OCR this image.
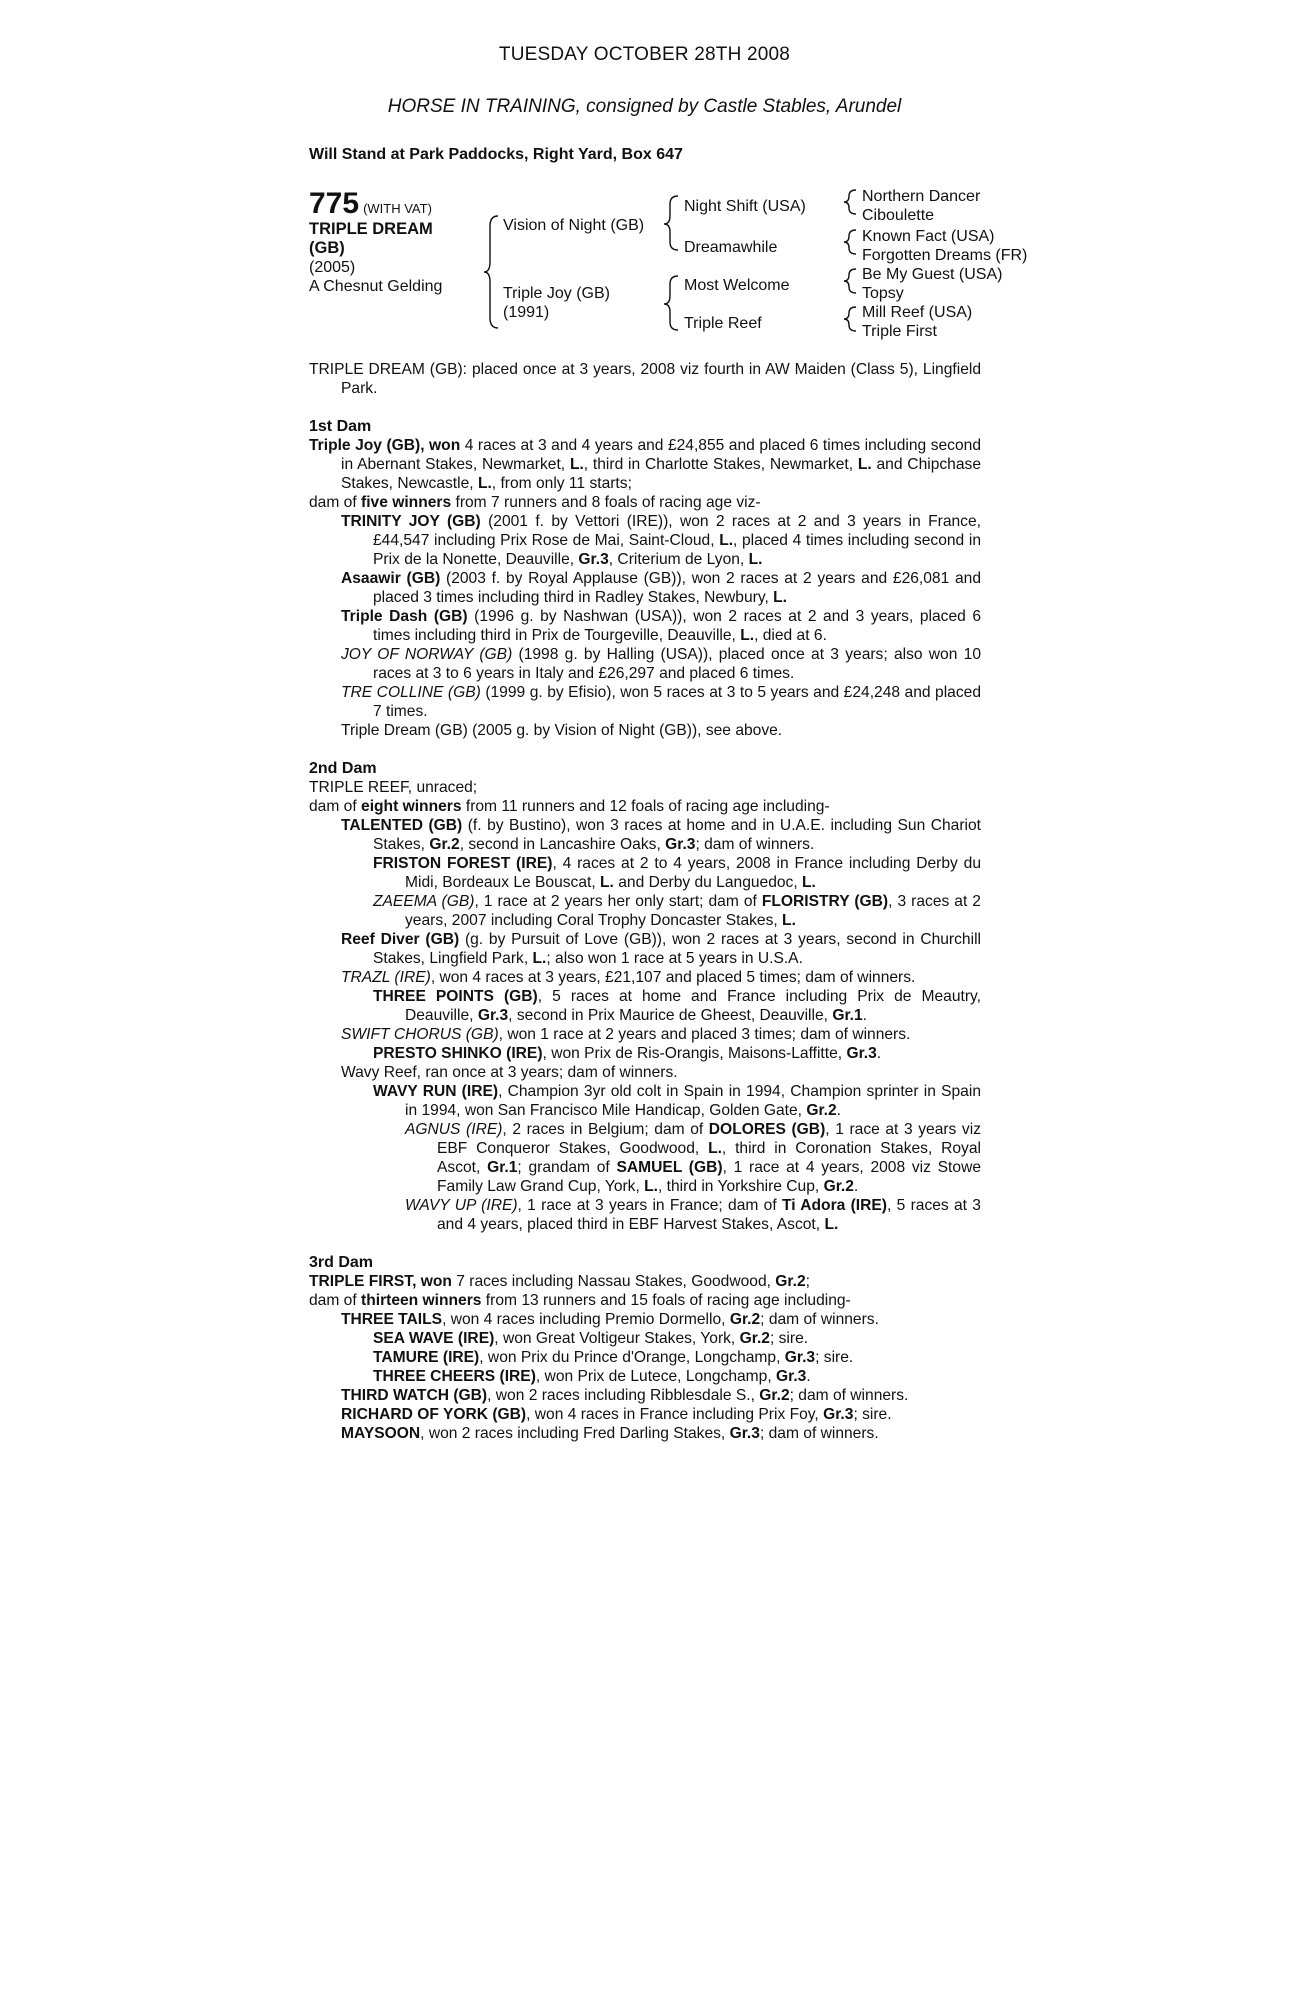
TUESDAY OCTOBER 28TH 2008
HORSE IN TRAINING, consigned by Castle Stables, Arundel
Will Stand at Park Paddocks, Right Yard, Box 647
775 (WITH VAT)
TRIPLE DREAM
(GB)
(2005)
A Chesnut Gelding
Vision of Night (GB)
Triple Joy (GB)
(1991)
Night Shift (USA)
Dreamawhile
Most Welcome
Triple Reef
Northern Dancer
Ciboulette
Known Fact (USA)
Forgotten Dreams (FR)
Be My Guest (USA)
Topsy
Mill Reef (USA)
Triple First

TRIPLE DREAM (GB): placed once at 3 years, 2008 viz fourth in AW Maiden (Class 5), Lingfield Park.

1st Dam

Triple Joy (GB), won 4 races at 3 and 4 years and £24,855 and placed 6 times including second in Abernant Stakes, Newmarket, L., third in Charlotte Stakes, Newmarket, L. and Chipchase Stakes, Newcastle, L., from only 11 starts;

dam of five winners from 7 runners and 8 foals of racing age viz-

TRINITY JOY (GB) (2001 f. by Vettori (IRE)), won 2 races at 2 and 3 years in France, £44,547 including Prix Rose de Mai, Saint-Cloud, L., placed 4 times including second in Prix de la Nonette, Deauville, Gr.3, Criterium de Lyon, L.

Asaawir (GB) (2003 f. by Royal Applause (GB)), won 2 races at 2 years and £26,081 and placed 3 times including third in Radley Stakes, Newbury, L.

Triple Dash (GB) (1996 g. by Nashwan (USA)), won 2 races at 2 and 3 years, placed 6 times including third in Prix de Tourgeville, Deauville, L., died at 6.

JOY OF NORWAY (GB) (1998 g. by Halling (USA)), placed once at 3 years; also won 10 races at 3 to 6 years in Italy and £26,297 and placed 6 times.

TRE COLLINE (GB) (1999 g. by Efisio), won 5 races at 3 to 5 years and £24,248 and placed 7 times.

Triple Dream (GB) (2005 g. by Vision of Night (GB)), see above.

2nd Dam

TRIPLE REEF, unraced;

dam of eight winners from 11 runners and 12 foals of racing age including-

TALENTED (GB) (f. by Bustino), won 3 races at home and in U.A.E. including Sun Chariot Stakes, Gr.2, second in Lancashire Oaks, Gr.3; dam of winners.

FRISTON FOREST (IRE), 4 races at 2 to 4 years, 2008 in France including Derby du Midi, Bordeaux Le Bouscat, L. and Derby du Languedoc, L.

ZAEEMA (GB), 1 race at 2 years her only start; dam of FLORISTRY (GB), 3 races at 2 years, 2007 including Coral Trophy Doncaster Stakes, L.

Reef Diver (GB) (g. by Pursuit of Love (GB)), won 2 races at 3 years, second in Churchill Stakes, Lingfield Park, L.; also won 1 race at 5 years in U.S.A.

TRAZL (IRE), won 4 races at 3 years, £21,107 and placed 5 times; dam of winners.

THREE POINTS (GB), 5 races at home and France including Prix de Meautry, Deauville, Gr.3, second in Prix Maurice de Gheest, Deauville, Gr.1.

SWIFT CHORUS (GB), won 1 race at 2 years and placed 3 times; dam of winners.

PRESTO SHINKO (IRE), won Prix de Ris-Orangis, Maisons-Laffitte, Gr.3.

Wavy Reef, ran once at 3 years; dam of winners.

WAVY RUN (IRE), Champion 3yr old colt in Spain in 1994, Champion sprinter in Spain in 1994, won San Francisco Mile Handicap, Golden Gate, Gr.2.

AGNUS (IRE), 2 races in Belgium; dam of DOLORES (GB), 1 race at 3 years viz EBF Conqueror Stakes, Goodwood, L., third in Coronation Stakes, Royal Ascot, Gr.1; grandam of SAMUEL (GB), 1 race at 4 years, 2008 viz Stowe Family Law Grand Cup, York, L., third in Yorkshire Cup, Gr.2.

WAVY UP (IRE), 1 race at 3 years in France; dam of Ti Adora (IRE), 5 races at 3 and 4 years, placed third in EBF Harvest Stakes, Ascot, L.

3rd Dam

TRIPLE FIRST, won 7 races including Nassau Stakes, Goodwood, Gr.2;

dam of thirteen winners from 13 runners and 15 foals of racing age including-

THREE TAILS, won 4 races including Premio Dormello, Gr.2; dam of winners.

SEA WAVE (IRE), won Great Voltigeur Stakes, York, Gr.2; sire.

TAMURE (IRE), won Prix du Prince d'Orange, Longchamp, Gr.3; sire.

THREE CHEERS (IRE), won Prix de Lutece, Longchamp, Gr.3.

THIRD WATCH (GB), won 2 races including Ribblesdale S., Gr.2; dam of winners.

RICHARD OF YORK (GB), won 4 races in France including Prix Foy, Gr.3; sire.

MAYSOON, won 2 races including Fred Darling Stakes, Gr.3; dam of winners.
